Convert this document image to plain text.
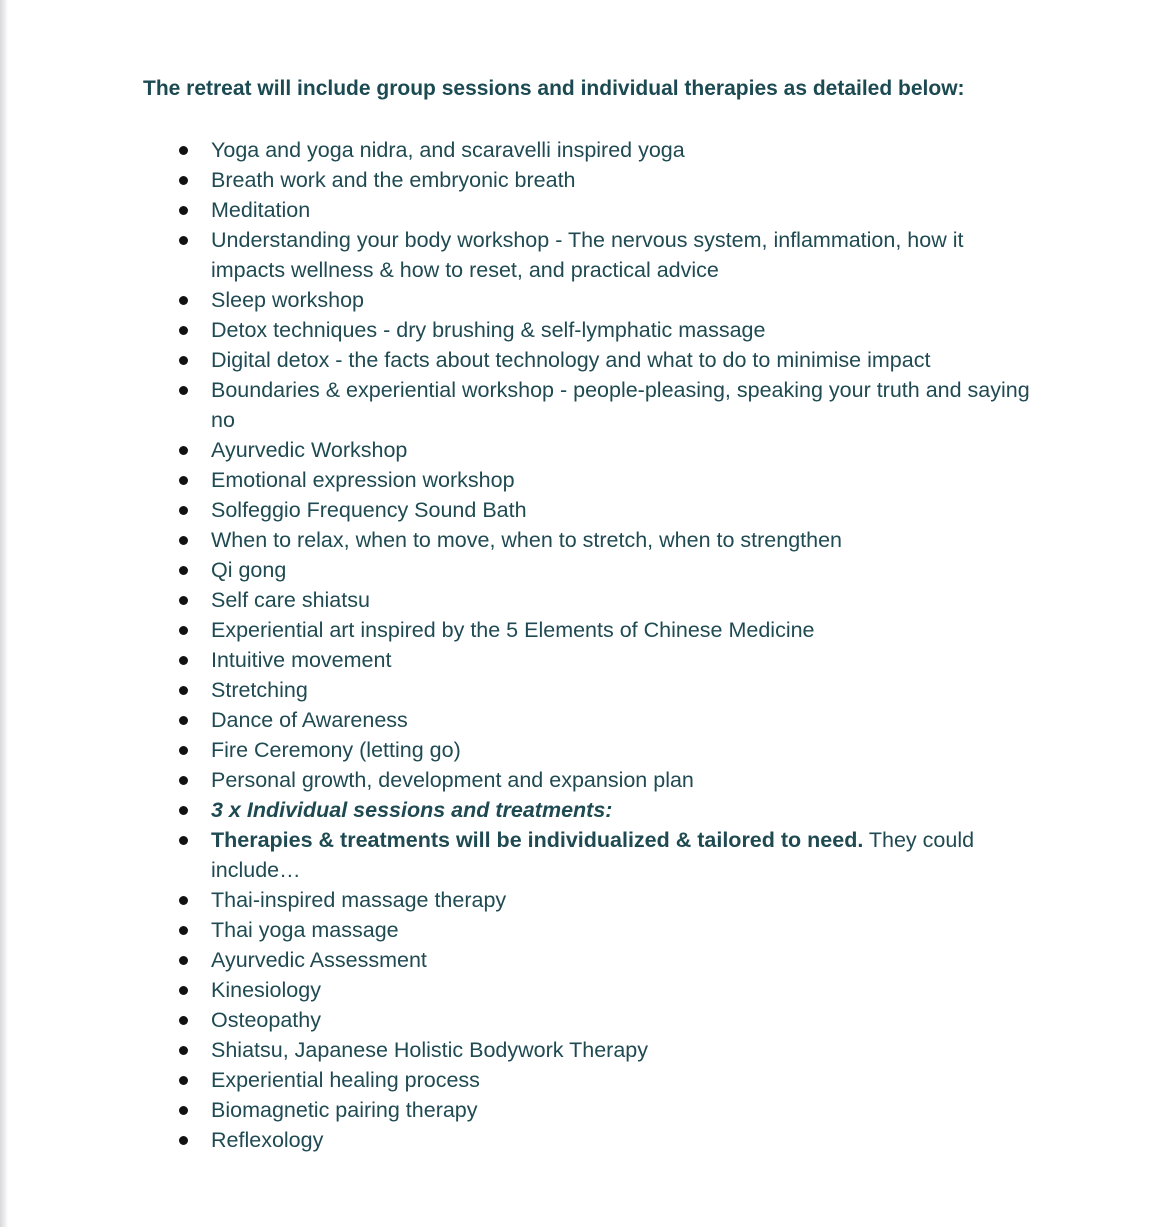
The retreat will include group sessions and individual therapies as detailed below:

Yoga and yoga nidra, and scaravelli inspired yoga
Breath work and the embryonic breath
Meditation
Understanding your body workshop - The nervous system, inflammation, how it impacts wellness & how to reset, and practical advice
Sleep workshop
Detox techniques - dry brushing & self-lymphatic massage
Digital detox - the facts about technology and what to do to minimise impact
Boundaries & experiential workshop - people-pleasing, speaking your truth and saying no
Ayurvedic Workshop
Emotional expression workshop
Solfeggio Frequency Sound Bath
When to relax, when to move, when to stretch, when to strengthen
Qi gong
Self care shiatsu
Experiential art inspired by the 5 Elements of Chinese Medicine
Intuitive movement
Stretching
Dance of Awareness
Fire Ceremony (letting go)
Personal growth, development and expansion plan
3 x Individual sessions and treatments:
Therapies & treatments will be individualized & tailored to need. They could include…
Thai-inspired massage therapy
Thai yoga massage
Ayurvedic Assessment
Kinesiology
Osteopathy
Shiatsu, Japanese Holistic Bodywork Therapy
Experiential healing process
Biomagnetic pairing therapy
Reflexology
